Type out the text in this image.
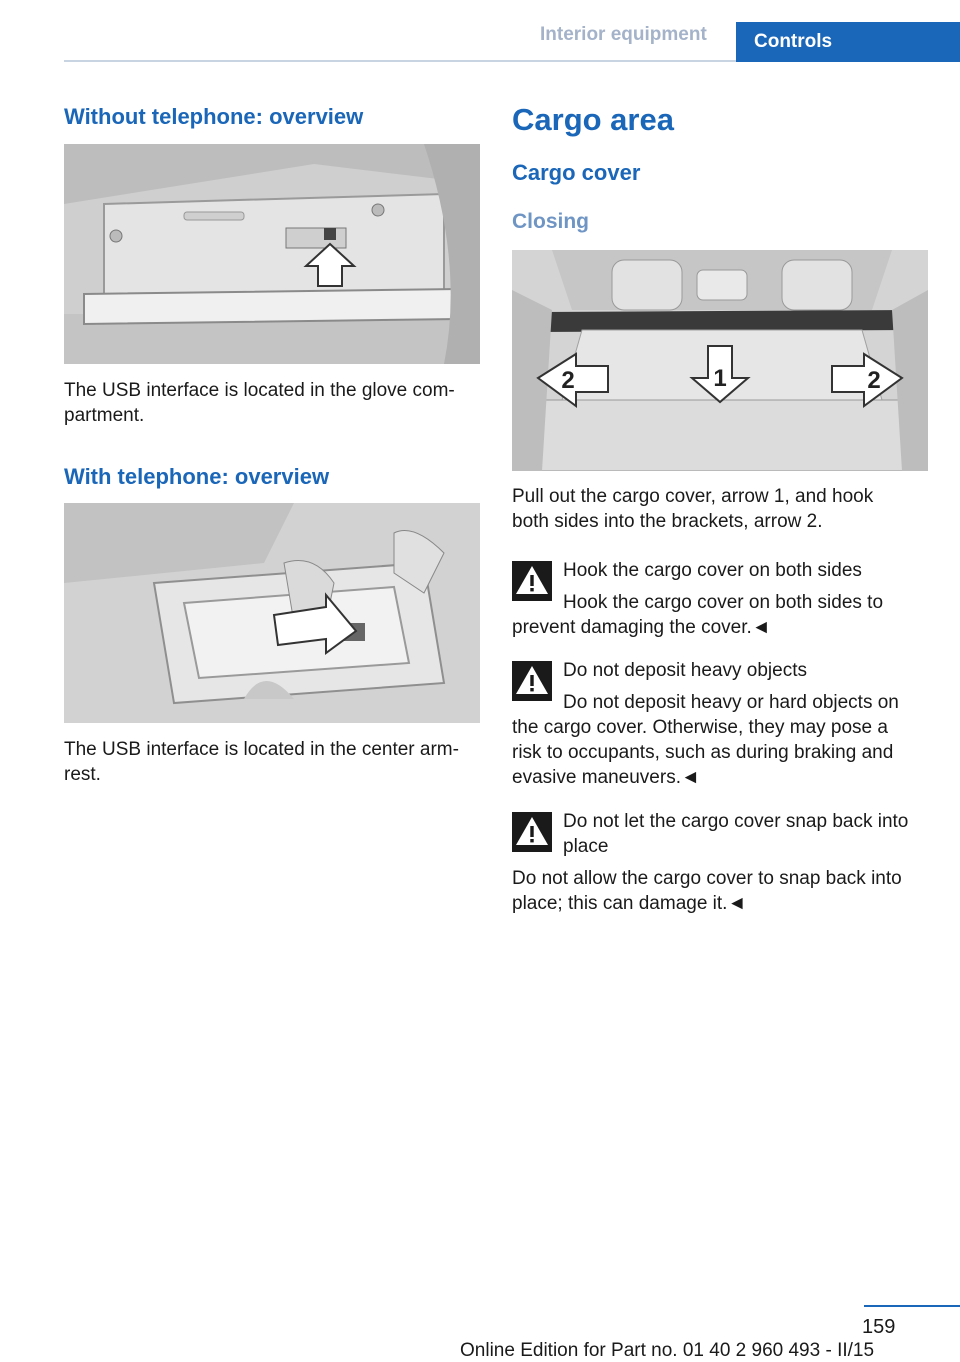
Interior equipment	Controls
Without telephone: overview

The USB interface is located in the glove com-
partment.

With telephone: overview

The USB interface is located in the center arm-
rest.

Cargo area
Cargo cover
Closing
1
2	2

Pull out the cargo cover, arrow 1, and hook
both sides into the brackets, arrow 2.

Hook the cargo cover on both sides

Hook the cargo cover on both sides to

prevent damaging the cover.◄

Do not deposit heavy objects

Do not deposit heavy or hard objects on

the cargo cover. Otherwise, they may pose a
risk to occupants, such as during braking and
evasive maneuvers.◄

Do not let the cargo cover snap back into
place

Do not allow the cargo cover to snap back into
place; this can damage it.◄

159
Online Edition for Part no. 01 40 2 960 493 - II/15
